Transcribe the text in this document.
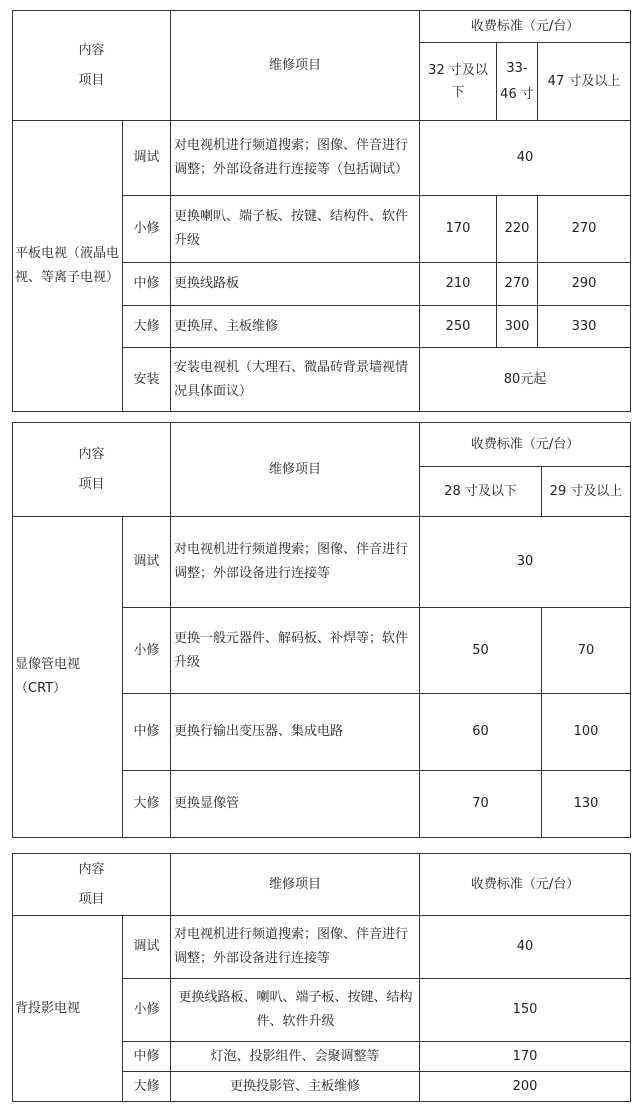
内容
项目		维修项目	收费标准（元/台）		
			32 寸及以下	33-46 寸	47 寸及以上
平板电视（液晶电视、等离子电视）	调试	对电视机进行频道搜索；图像、伴音进行调整；外部设备进行连接等（包括调试）	40		
	小修	更换喇叭、端子板、按键、结构件、软件升级	170	220	270
	中修	更换线路板	210	270	290
	大修	更换屏、主板维修	250	300	330
	安装	安装电视机（大理石、微晶砖背景墙视情况具体面议）	80元起		
内容
项目		维修项目	收费标准（元/台）	
			28 寸及以下	29 寸及以上
显像管电视（CRT）	调试	对电视机进行频道搜索；图像、伴音进行调整；外部设备进行连接等	30	
	小修	更换一般元器件、解码板、补焊等；软件升级	50	70
	中修	更换行输出变压器、集成电路	60	100
	大修	更换显像管	70	130
内容
项目		维修项目	收费标准（元/台）
背投影电视	调试	对电视机进行频道搜索；图像、伴音进行调整；外部设备进行连接等	40
	小修	更换线路板、喇叭、端子板、按键、结构件、软件升级	150
	中修	灯泡、投影组件、会聚调整等	170
	大修	更换投影管、主板维修	200
